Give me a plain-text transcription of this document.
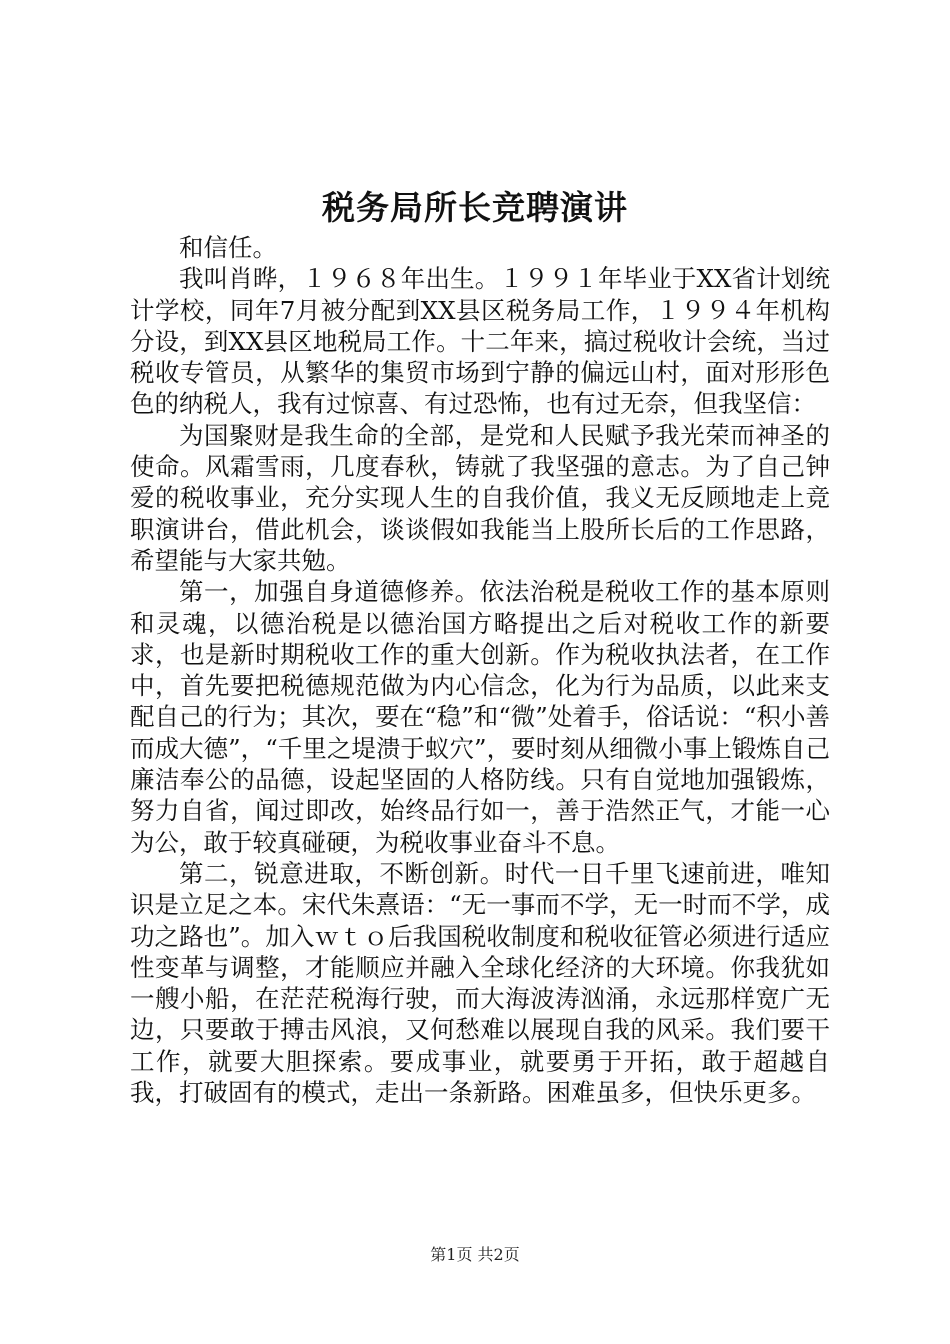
税务局所长竞聘演讲

和信任。

我叫肖晔，１９６８年出生。１９９１年毕业于XX省计划统计学校，同年7月被分配到XX县区税务局工作，１９９４年机构分设，到XX县区地税局工作。十二年来，搞过税收计会统，当过税收专管员，从繁华的集贸市场到宁静的偏远山村，面对形形色色的纳税人，我有过惊喜、有过恐怖，也有过无奈，但我坚信：

为国聚财是我生命的全部，是党和人民赋予我光荣而神圣的使命。风霜雪雨，几度春秋，铸就了我坚强的意志。为了自己钟爱的税收事业，充分实现人生的自我价值，我义无反顾地走上竞职演讲台，借此机会，谈谈假如我能当上股所长后的工作思路，希望能与大家共勉。

第一，加强自身道德修养。依法治税是税收工作的基本原则和灵魂，以德治税是以德治国方略提出之后对税收工作的新要求，也是新时期税收工作的重大创新。作为税收执法者，在工作中，首先要把税德规范做为内心信念，化为行为品质，以此来支配自己的行为；其次，要在“稳”和“微”处着手，俗话说：“积小善而成大德”，“千里之堤溃于蚁穴”，要时刻从细微小事上锻炼自己廉洁奉公的品德，设起坚固的人格防线。只有自觉地加强锻炼，努力自省，闻过即改，始终品行如一，善于浩然正气，才能一心为公，敢于较真碰硬，为税收事业奋斗不息。

第二，锐意进取，不断创新。时代一日千里飞速前进，唯知识是立足之本。宋代朱熹语：“无一事而不学，无一时而不学，成功之路也”。加入ｗｔｏ后我国税收制度和税收征管必须进行适应性变革与调整，才能顺应并融入全球化经济的大环境。你我犹如一艘小船，在茫茫税海行驶，而大海波涛汹涌，永远那样宽广无边，只要敢于搏击风浪，又何愁难以展现自我的风采。我们要干工作，就要大胆探索。要成事业，就要勇于开拓，敢于超越自我，打破固有的模式，走出一条新路。困难虽多，但快乐更多。

第1页 共2页
